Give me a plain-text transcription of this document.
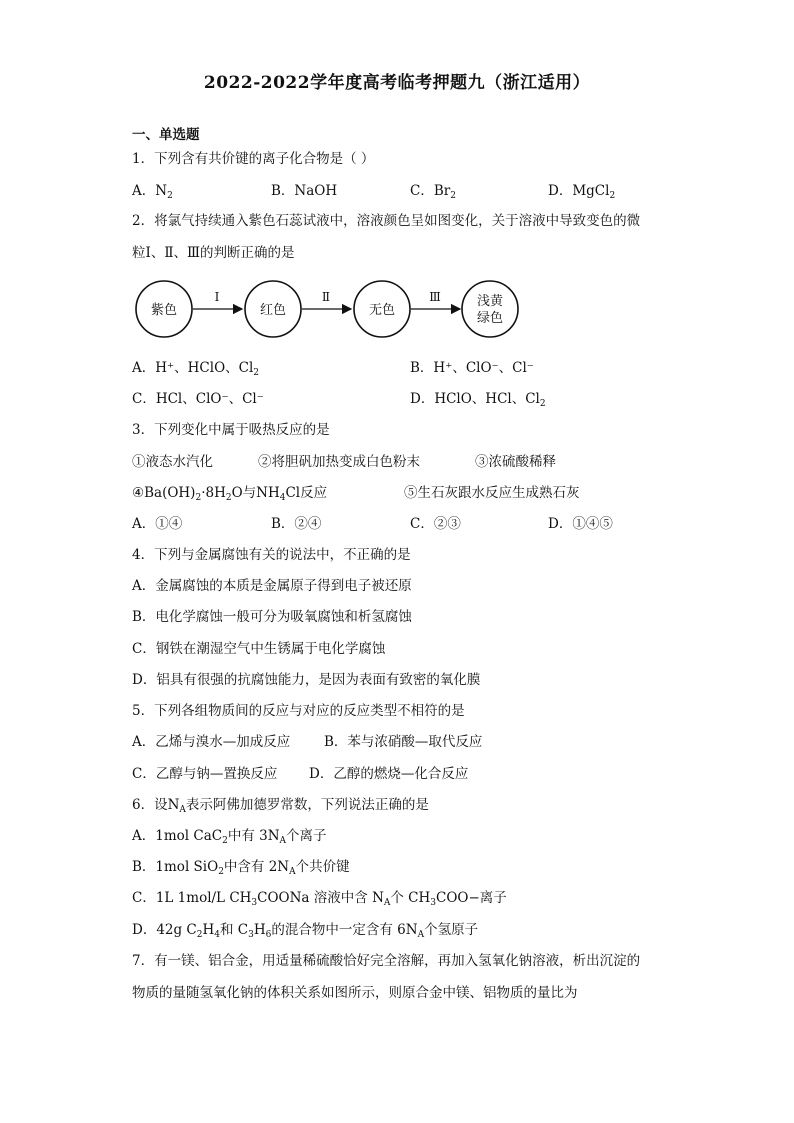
2022-2022学年度高考临考押题九（浙江适用）
一、单选题
1．下列含有共价键的离子化合物是（ ）
A．$N_2$	B．NaOH	C．$Br_2$	D．MgCl$_2$
2．将氯气持续通入紫色石蕊试液中，溶液颜色呈如图变化，关于溶液中导致变色的微
粒Ⅰ、Ⅱ、Ⅲ的判断正确的是
紫色
Ⅰ
红色
Ⅱ
无色
Ⅲ	浅黄
绿色
A．H⁺、HClO、$Cl_2$	B．H⁺、ClO⁻、Cl⁻
C．HCl、ClO⁻、Cl⁻	D．HClO、HCl、$Cl_2$
3．下列变化中属于吸热反应的是
①液态水汽化	②将胆矾加热变成白色粉末	③浓硫酸稀释
$④Ba(OH)_2\cdot 8H_2O$与$NH_4Cl$反应	⑤生石灰跟水反应生成熟石灰
A．①④	B．②④	C．②③	D．①④⑤
4．下列与金属腐蚀有关的说法中，不正确的是
A．金属腐蚀的本质是金属原子得到电子被还原
B．电化学腐蚀一般可分为吸氧腐蚀和析氢腐蚀
C．钢铁在潮湿空气中生锈属于电化学腐蚀
D．铝具有很强的抗腐蚀能力，是因为表面有致密的氧化膜
5．下列各组物质间的反应与对应的反应类型不相符的是
A．乙烯与溴水—加成反应	B．苯与浓硝酸—取代反应
C．乙醇与钠—置换反应 D．乙醇的燃烧—化合反应
6．设$N_A$表示阿佛加德罗常数，下列说法正确的是
A．1mol CaC$_2$中有 $3N_A$个离子
B．1mol SiO$_2$中含有 $2N_A$个共价键
C．1L 1mol/L $CH_3COONa$ 溶液中含 $N_A$个 $CH_3COO-$离子
D．42g $C_2H_4$和 $C_3H_6$的混合物中一定含有 $6N_A$个氢原子
7．有一镁、铝合金，用适量稀硫酸恰好完全溶解，再加入氢氧化钠溶液，析出沉淀的
物质的量随氢氧化钠的体积关系如图所示，则原合金中镁、铝物质的量比为
